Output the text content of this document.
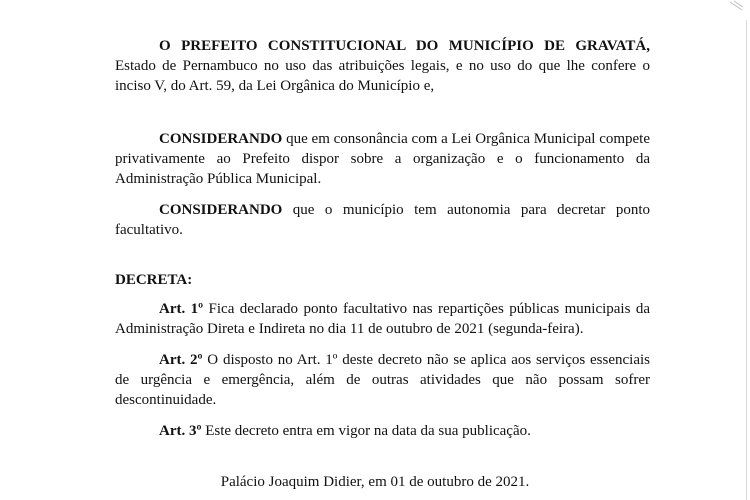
O PREFEITO CONSTITUCIONAL DO MUNICÍPIO DE GRAVATÁ, Estado de Pernambuco no uso das atribuições legais, e no uso do que lhe confere o inciso V, do Art. 59, da Lei Orgânica do Município e,

CONSIDERANDO que em consonância com a Lei Orgânica Municipal compete privativamente ao Prefeito dispor sobre a organização e o funcionamento da Administração Pública Municipal.

CONSIDERANDO que o município tem autonomia para decretar ponto facultativo.

DECRETA:

Art. 1º Fica declarado ponto facultativo nas repartições públicas municipais da Administração Direta e Indireta no dia 11 de outubro de 2021 (segunda-feira).

Art. 2º O disposto no Art. 1º deste decreto não se aplica aos serviços essenciais de urgência e emergência, além de outras atividades que não possam sofrer descontinuidade.

Art. 3º Este decreto entra em vigor na data da sua publicação.

Palácio Joaquim Didier, em 01 de outubro de 2021.
